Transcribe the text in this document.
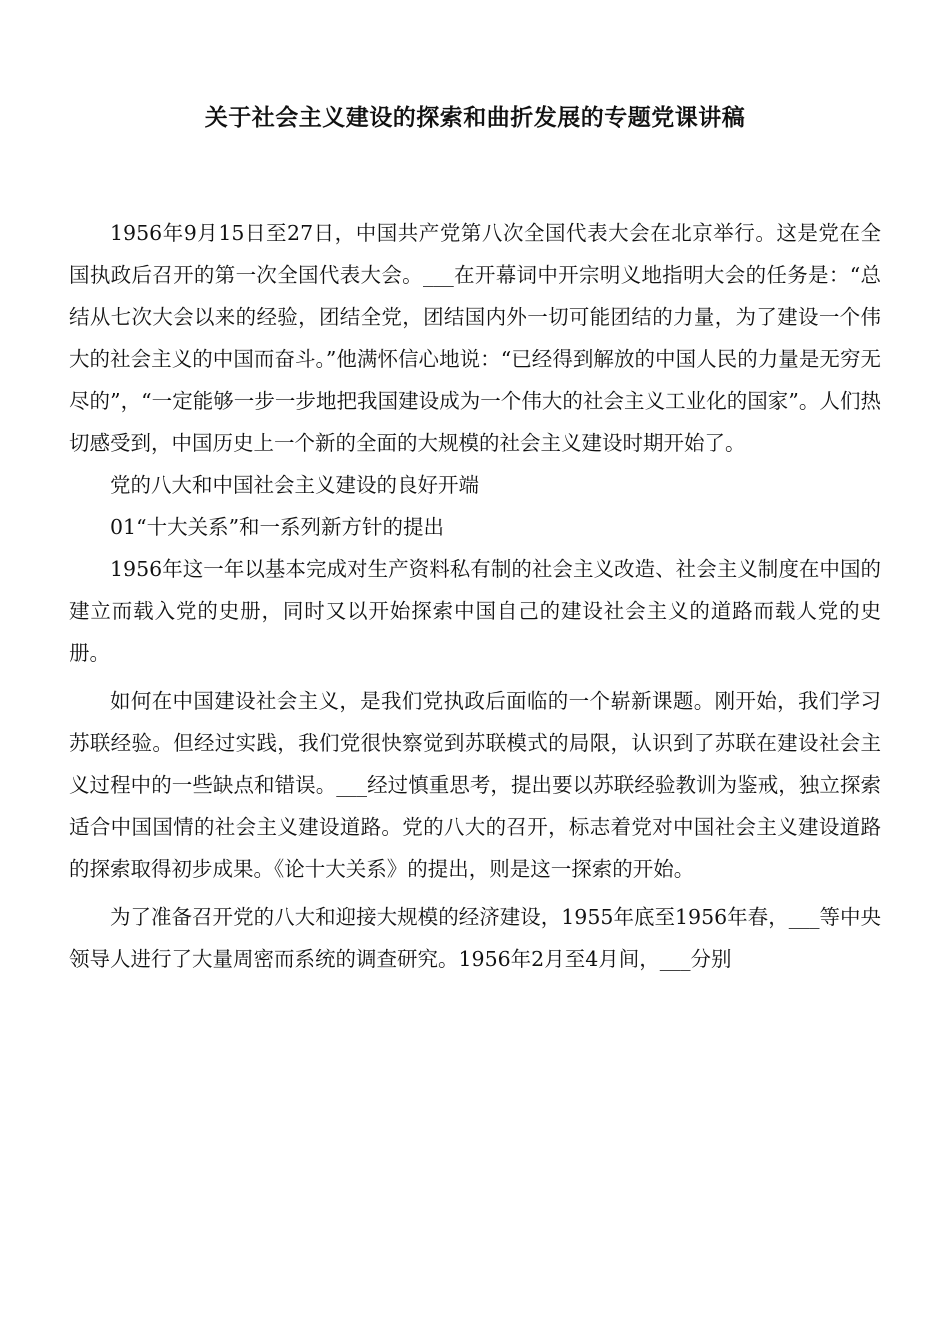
关于社会主义建设的探索和曲折发展的专题党课讲稿

1956年9月15日至27日，中国共产党第八次全国代表大会在北京举行。这是党在全国执政后召开的第一次全国代表大会。___在开幕词中开宗明义地指明大会的任务是：“总结从七次大会以来的经验，团结全党，团结国内外一切可能团结的力量，为了建设一个伟大的社会主义的中国而奋斗。”他满怀信心地说：“已经得到解放的中国人民的力量是无穷无尽的”，“一定能够一步一步地把我国建设成为一个伟大的社会主义工业化的国家”。人们热切感受到，中国历史上一个新的全面的大规模的社会主义建设时期开始了。

党的八大和中国社会主义建设的良好开端

01“十大关系”和一系列新方针的提出

1956年这一年以基本完成对生产资料私有制的社会主义改造、社会主义制度在中国的建立而载入党的史册，同时又以开始探索中国自己的建设社会主义的道路而载人党的史册。

如何在中国建设社会主义，是我们党执政后面临的一个崭新课题。刚开始，我们学习苏联经验。但经过实践，我们党很快察觉到苏联模式的局限，认识到了苏联在建设社会主义过程中的一些缺点和错误。___经过慎重思考，提出要以苏联经验教训为鉴戒，独立探索适合中国国情的社会主义建设道路。党的八大的召开，标志着党对中国社会主义建设道路的探索取得初步成果。《论十大关系》的提出，则是这一探索的开始。

为了准备召开党的八大和迎接大规模的经济建设，1955年底至1956年春，___等中央领导人进行了大量周密而系统的调查研究。1956年2月至4月间，___分别
